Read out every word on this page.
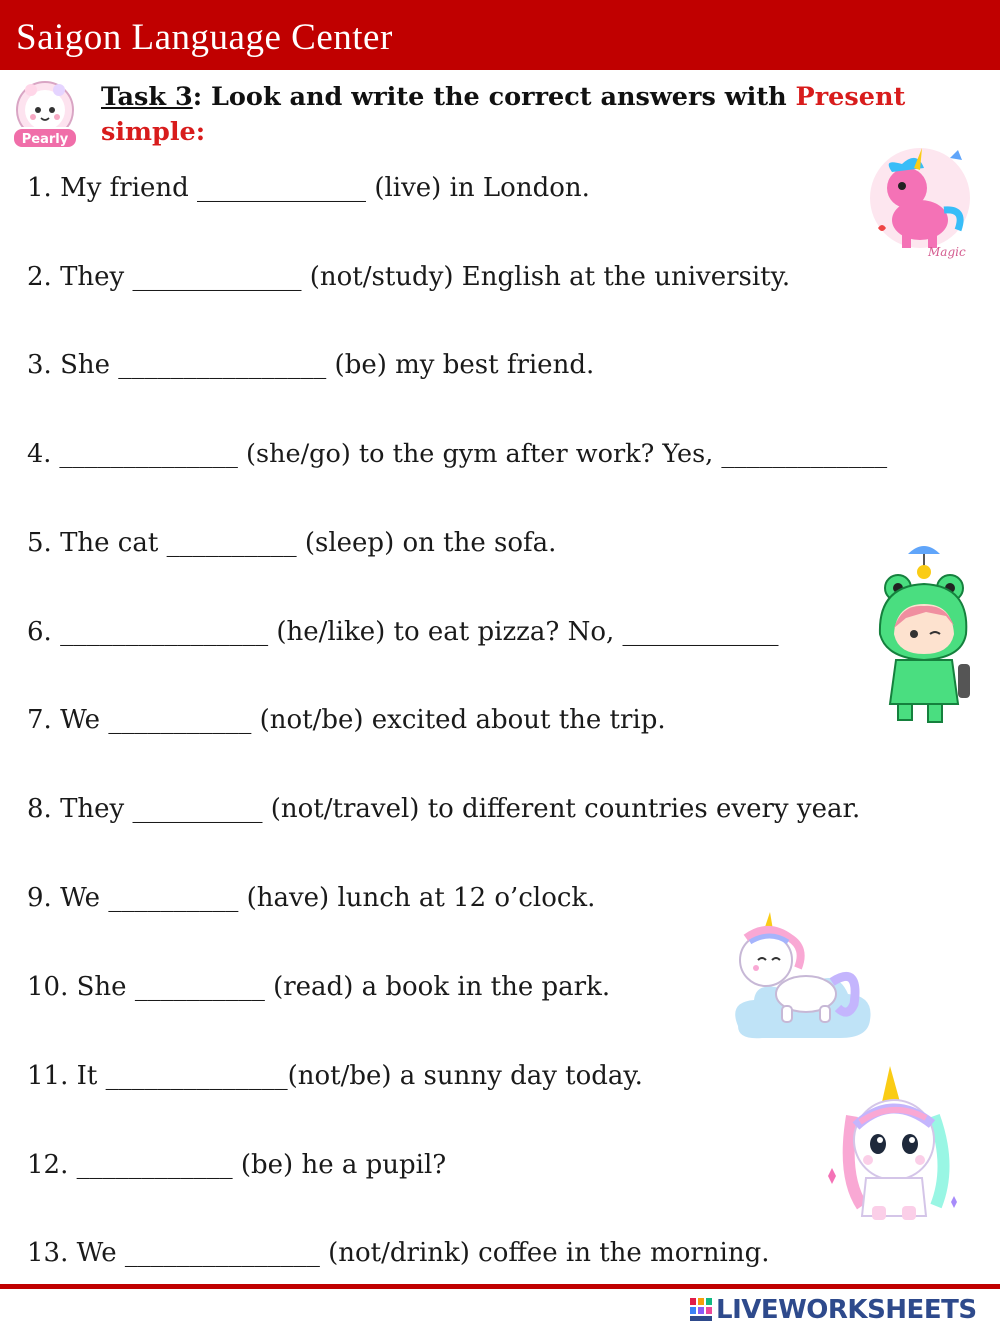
Saigon Language Center
Pearly
Task 3: Look and write the correct answers with Present simple:
1. My friend _____________ (live) in London.
2. They _____________ (not/study) English at the university.
3. She ________________ (be) my best friend.
4. ______________ (she/go) to the gym after work? Yes, _____________
5. The cat __________ (sleep) on the sofa.
6. ________________ (he/like) to eat pizza? No, ____________
7. We ___________ (not/be) excited about the trip.
8. They __________ (not/travel) to different countries every year.
9. We __________ (have) lunch at 12 o’clock.
10. She __________ (read) a book in the park.
11. It ______________(not/be) a sunny day today.
12. ____________ (be) he a pupil?
13. We _______________ (not/drink) coffee in the morning.
Magic
LIVEWORKSHEETS
